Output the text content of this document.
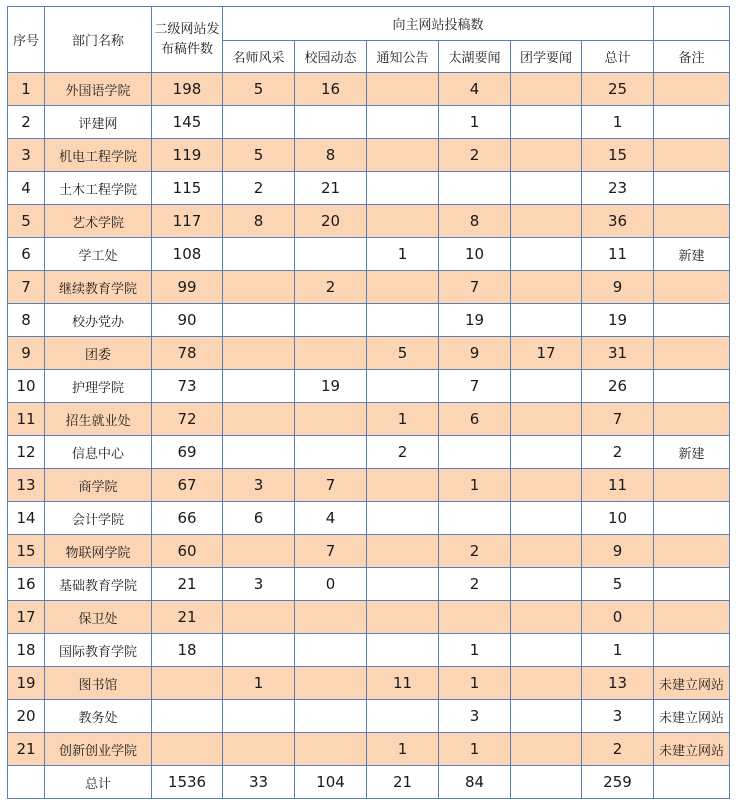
序号	部门名称	二级网站发布稿件数	向主网站投稿数						
			名师风采	校园动态	通知公告	太湖要闻	团学要闻	总计	备注
1	外国语学院	198	5	16		4		25	
2	评建网	145				1		1	
3	机电工程学院	119	5	8		2		15	
4	土木工程学院	115	2	21				23	
5	艺术学院	117	8	20		8		36	
6	学工处	108			1	10		11	新建
7	继续教育学院	99		2		7		9	
8	校办党办	90				19		19	
9	团委	78			5	9	17	31	
10	护理学院	73		19		7		26	
11	招生就业处	72			1	6		7	
12	信息中心	69			2			2	新建
13	商学院	67	3	7		1		11	
14	会计学院	66	6	4				10	
15	物联网学院	60		7		2		9	
16	基础教育学院	21	3	0		2		5	
17	保卫处	21						0	
18	国际教育学院	18				1		1	
19	图书馆		1		11	1		13	未建立网站
20	教务处					3		3	未建立网站
21	创新创业学院				1	1		2	未建立网站
	总计	1536	33	104	21	84		259	
